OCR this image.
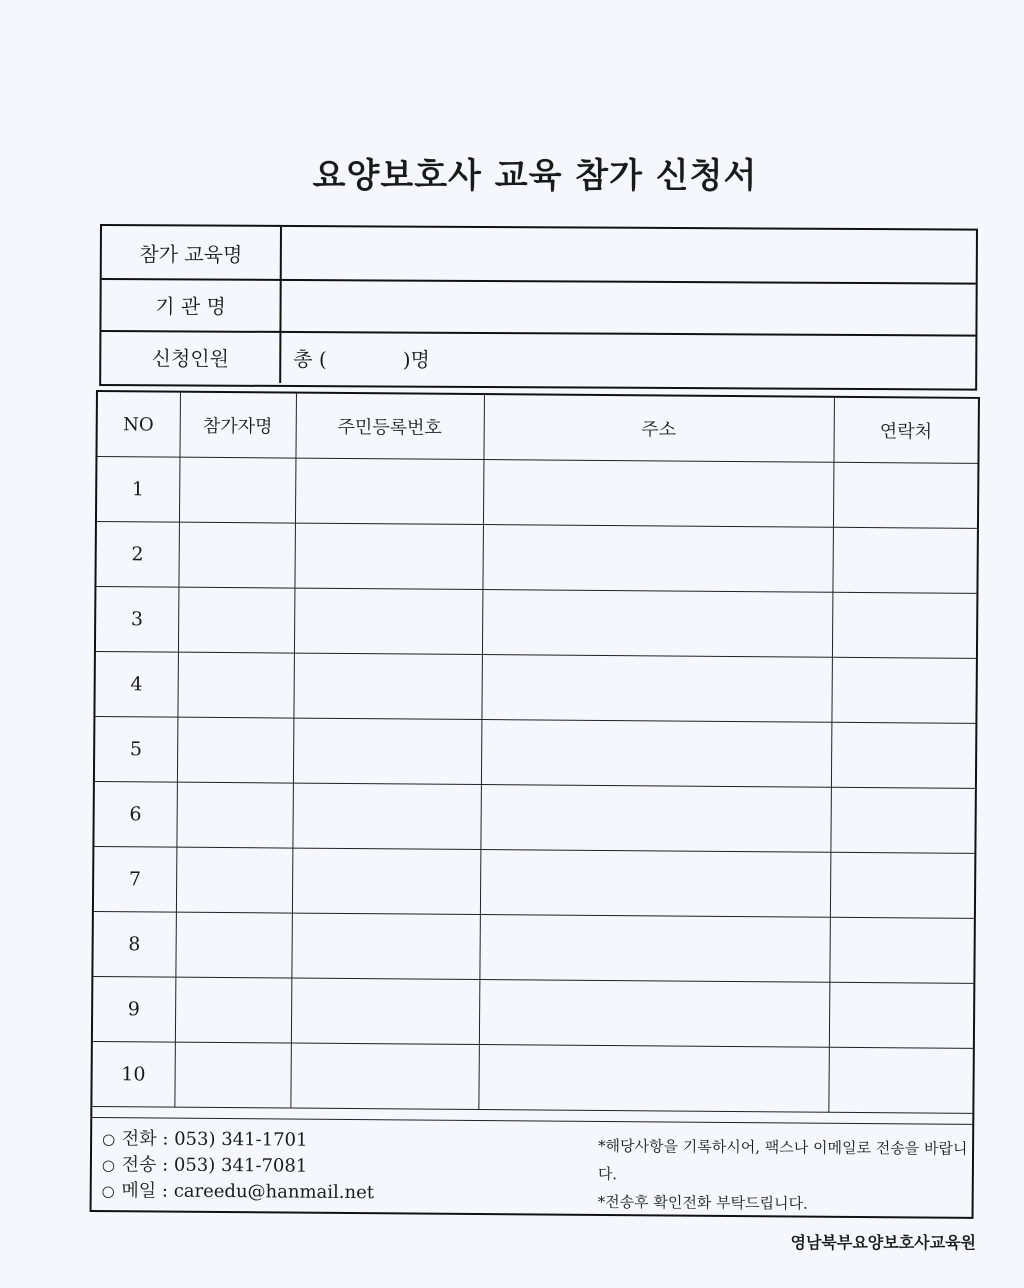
요양보호사 교육 참가 신청서
참가 교육명
기 관 명
신청인원	총 (	)명
NO	참가자명	주민등록번호	주소	연락처
1				
2				
3				
4				
5				
6				
7				
8				
9				
10				
○ 전화 : 053) 341-1701
○ 전송 : 053) 341-7081
○ 메일 : careedu@hanmail.net
*해당사항을 기록하시어, 팩스나 이메일로 전송을 바랍니다.
*전송후 확인전화 부탁드립니다.
영남북부요양보호사교육원
